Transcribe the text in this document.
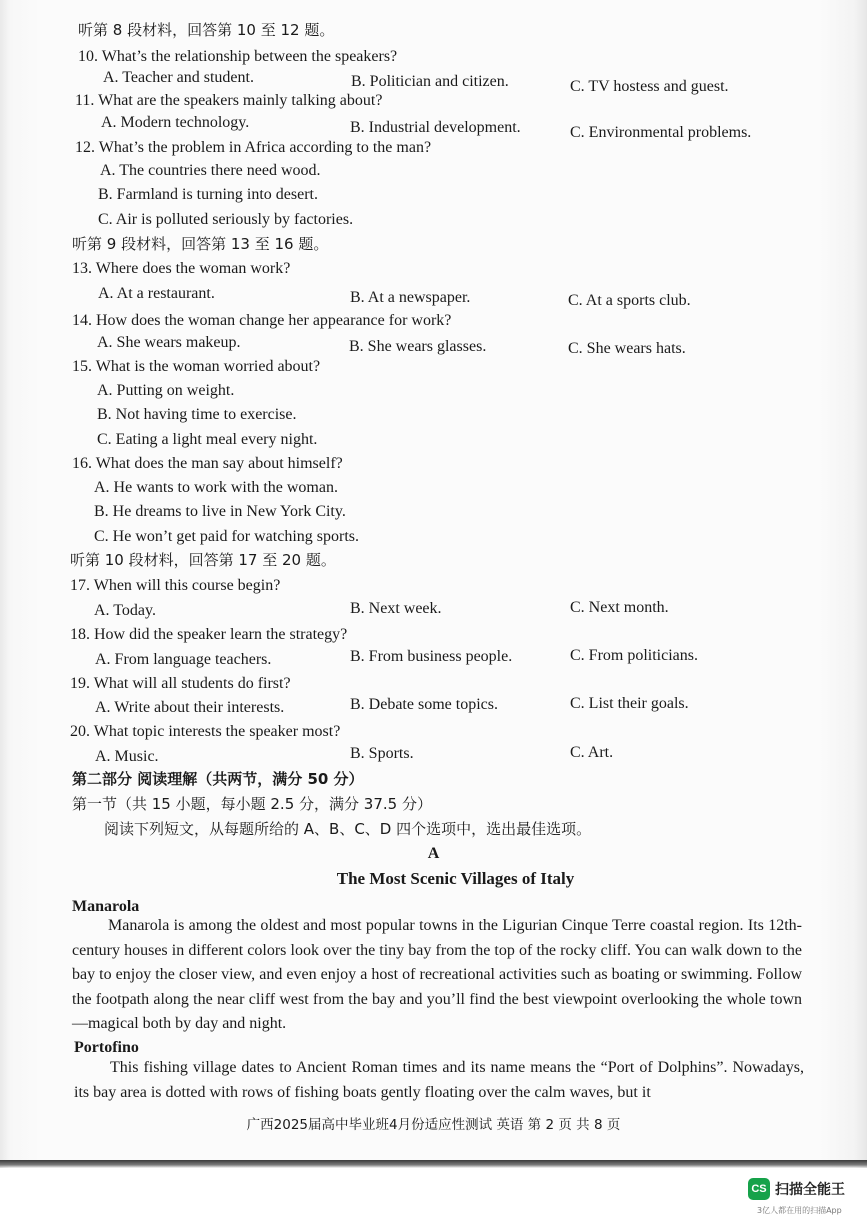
听第 8 段材料，回答第 10 至 12 题。
10. What’s the relationship between the speakers?
A. Teacher and student.	B. Politician and citizen.	C. TV hostess and guest.
11. What are the speakers mainly talking about?
A. Modern technology.	B. Industrial development.	C. Environmental problems.
12. What’s the problem in Africa according to the man?
A. The countries there need wood.
B. Farmland is turning into desert.
C. Air is polluted seriously by factories.
听第 9 段材料，回答第 13 至 16 题。
13. Where does the woman work?
A. At a restaurant.	B. At a newspaper.	C. At a sports club.
14. How does the woman change her appearance for work?
A. She wears makeup.	B. She wears glasses.	C. She wears hats.
15. What is the woman worried about?
A. Putting on weight.
B. Not having time to exercise.
C. Eating a light meal every night.
16. What does the man say about himself?
A. He wants to work with the woman.
B. He dreams to live in New York City.
C. He won’t get paid for watching sports.
听第 10 段材料，回答第 17 至 20 题。
17. When will this course begin?
A. Today.	B. Next week.	C. Next month.
18. How did the speaker learn the strategy?
A. From language teachers.	B. From business people.	C. From politicians.
19. What will all students do first?
A. Write about their interests.	B. Debate some topics.	C. List their goals.
20. What topic interests the speaker most?
A. Music.	B. Sports.	C. Art.
第二部分 阅读理解（共两节，满分 50 分）
第一节（共 15 小题，每小题 2.5 分，满分 37.5 分）
阅读下列短文，从每题所给的 A、B、C、D 四个选项中，选出最佳选项。
A
The Most Scenic Villages of Italy
Manarola
Manarola is among the oldest and most popular towns in the Ligurian Cinque Terre coastal region. Its 12th-century houses in different colors look over the tiny bay from the top of the rocky cliff. You can walk down to the bay to enjoy the closer view, and even enjoy a host of recreational activities such as boating or swimming. Follow the footpath along the near cliff west from the bay and you’ll find the best viewpoint overlooking the whole town—magical both by day and night.
Portofino
This fishing village dates to Ancient Roman times and its name means the “Port of Dolphins”. Nowadays, its bay area is dotted with rows of fishing boats gently floating over the calm waves, but it
广西2025届高中毕业班4月份适应性测试 英语 第 2 页 共 8 页
CS 扫描全能王
3亿人都在用的扫描App
